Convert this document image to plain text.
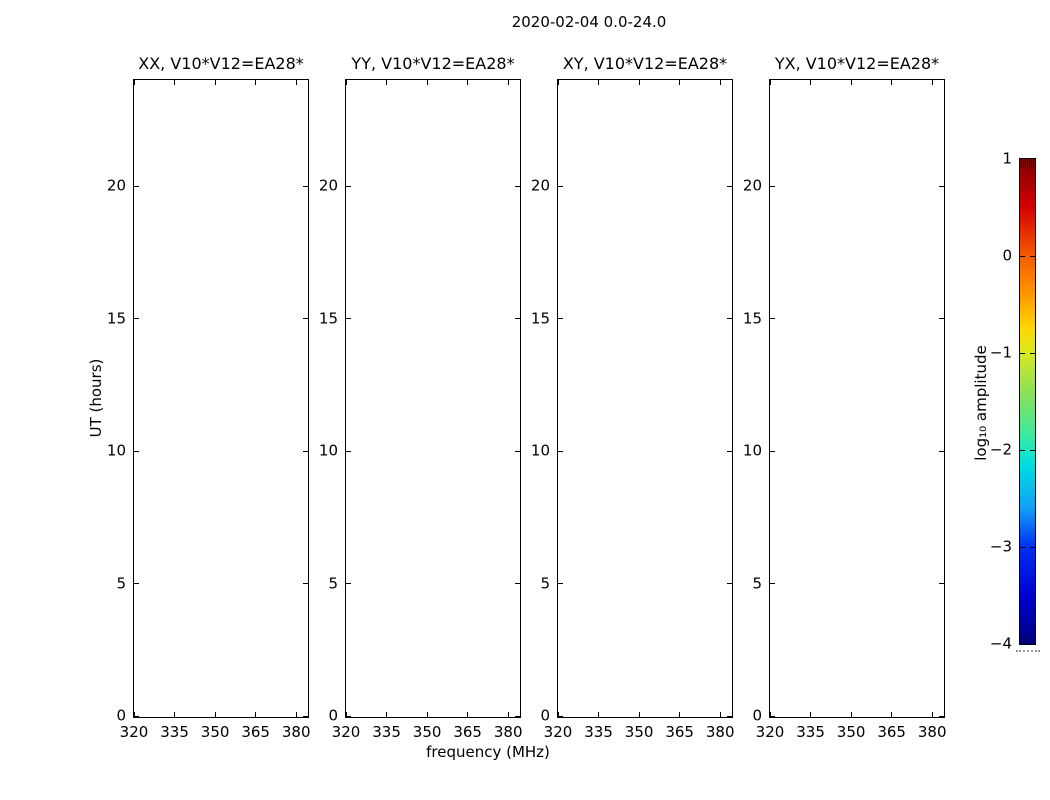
2020-02-04 0.0-24.0
UT (hours)
XX, V10*V12=EA28*
320 335 350 365 380
0
5
10
15
20
YY, V10*V12=EA28*
320 335 350 365 380
0
5
10
15
20
XY, V10*V12=EA28*
320 335 350 365 380
0
5
10
15
20
YX, V10*V12=EA28*
320 335 350 365 380
0
5
10
15
20
frequency (MHz)
log₁₀ amplitude
1
0
−1
−2
−3
−4
